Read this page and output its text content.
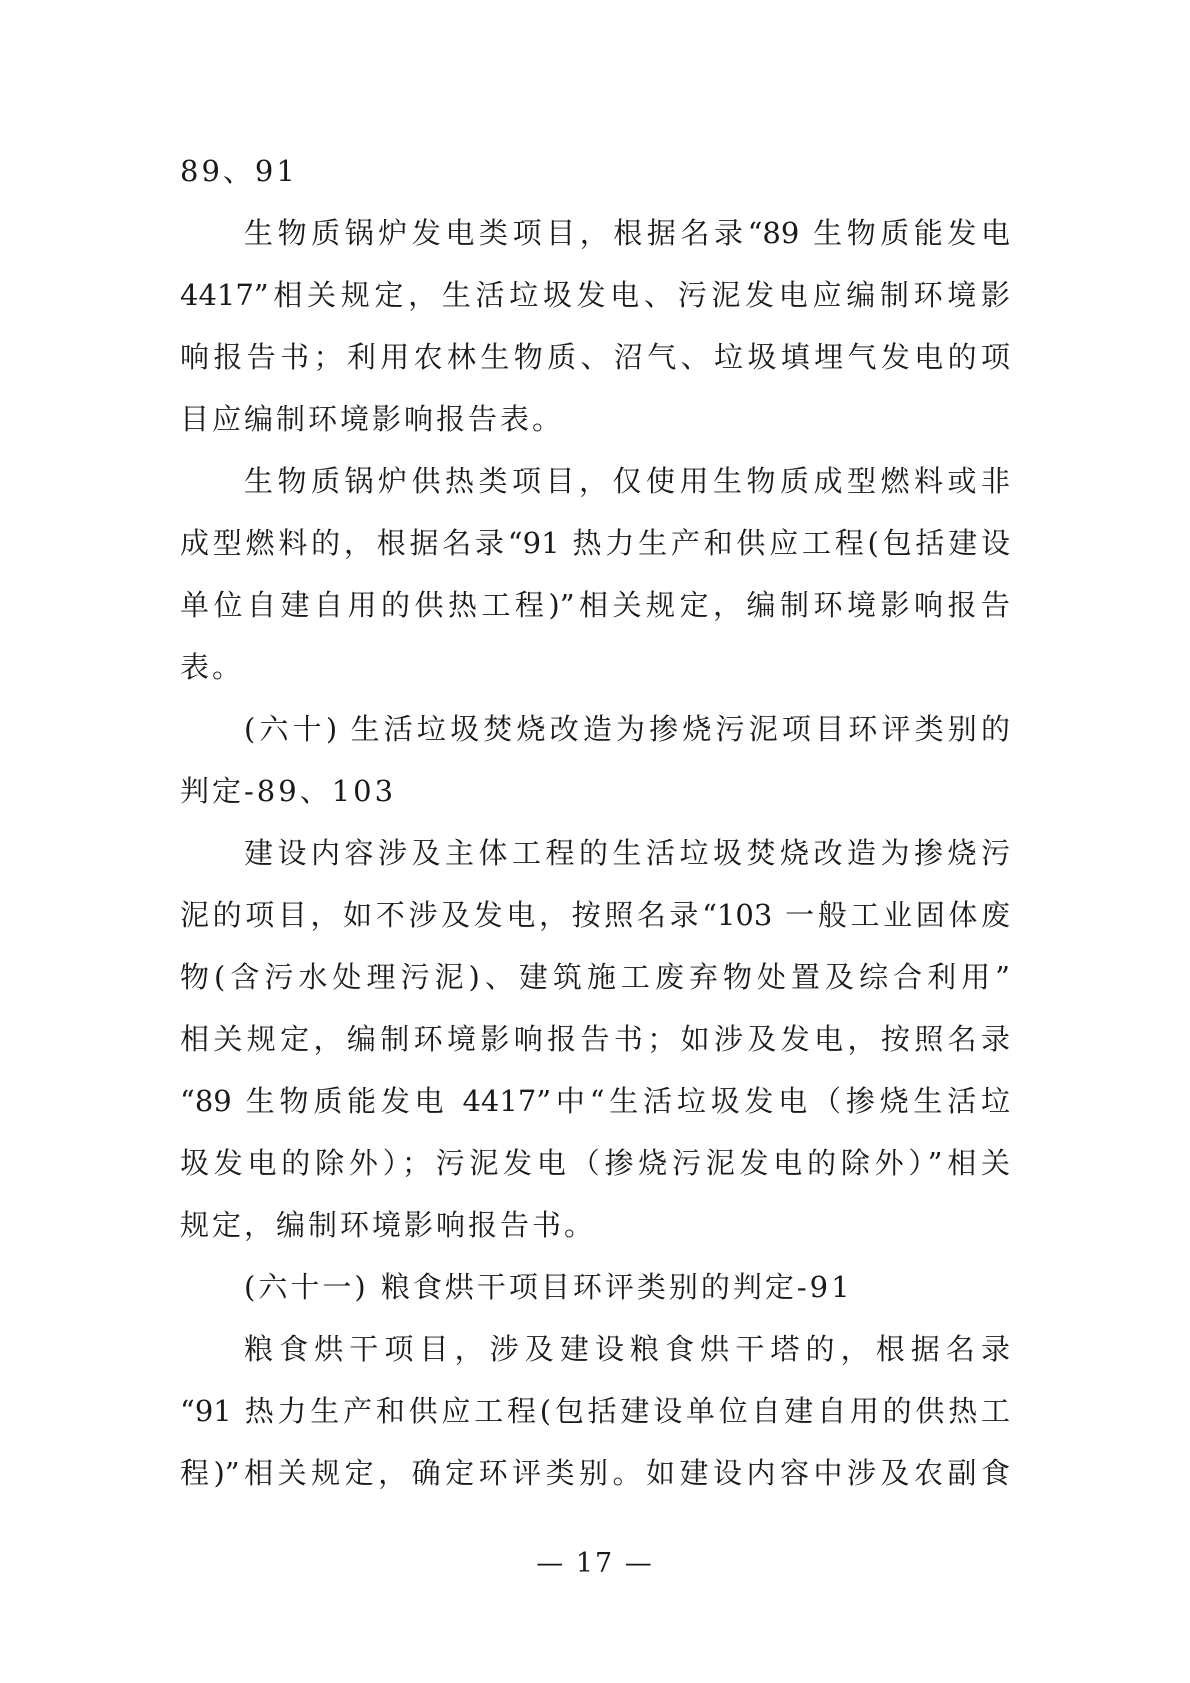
89、91
生物质锅炉发电类项目，根据名录“89 生物质能发电
4417”相关规定，生活垃圾发电、污泥发电应编制环境影
响报告书；利用农林生物质、沼气、垃圾填埋气发电的项
目应编制环境影响报告表。
生物质锅炉供热类项目，仅使用生物质成型燃料或非
成型燃料的，根据名录“91 热力生产和供应工程(包括建设
单位自建自用的供热工程)”相关规定，编制环境影响报告
表。
(六十) 生活垃圾焚烧改造为掺烧污泥项目环评类别的
判定-89、103
建设内容涉及主体工程的生活垃圾焚烧改造为掺烧污
泥的项目，如不涉及发电，按照名录“103 一般工业固体废
物(含污水处理污泥)、建筑施工废弃物处置及综合利用”
相关规定，编制环境影响报告书；如涉及发电，按照名录
“89 生物质能发电 4417”中“生活垃圾发电（掺烧生活垃
圾发电的除外）；污泥发电（掺烧污泥发电的除外）”相关
规定，编制环境影响报告书。
(六十一) 粮食烘干项目环评类别的判定-91
粮食烘干项目，涉及建设粮食烘干塔的，根据名录
“91 热力生产和供应工程(包括建设单位自建自用的供热工
程)”相关规定，确定环评类别。如建设内容中涉及农副食
— 17 —
